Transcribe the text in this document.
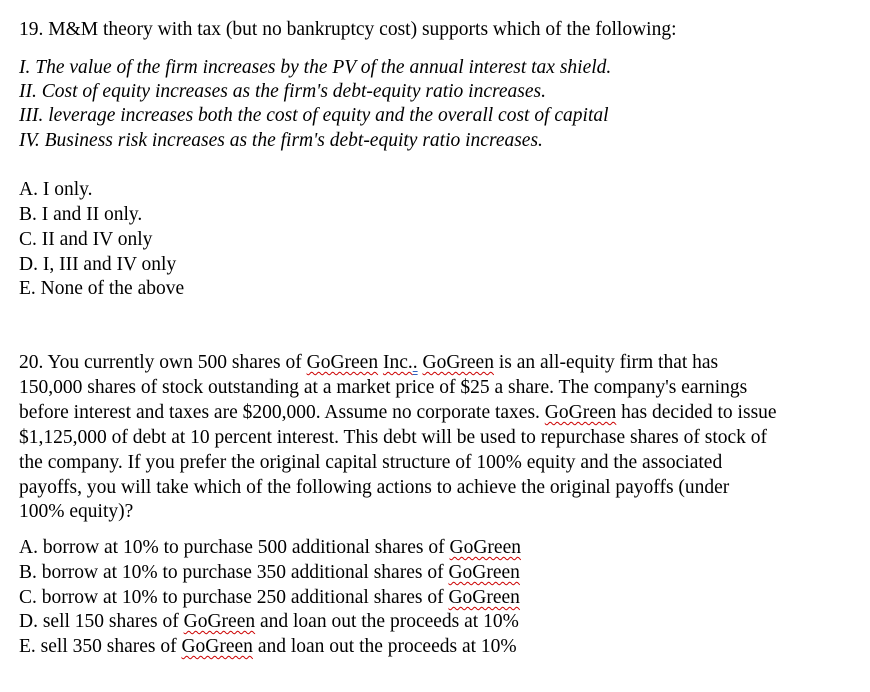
19. M&M theory with tax (but no bankruptcy cost) supports which of the following:
I. The value of the firm increases by the PV of the annual interest tax shield.
II. Cost of equity increases as the firm's debt-equity ratio increases.
III. leverage increases both the cost of equity and the overall cost of capital
IV. Business risk increases as the firm's debt-equity ratio increases.
A. I only.
B. I and II only.
C. II and IV only
D. I, III and IV only
E. None of the above
20. You currently own 500 shares of GoGreen Inc.. GoGreen is an all-equity firm that has
150,000 shares of stock outstanding at a market price of $25 a share. The company's earnings
before interest and taxes are $200,000. Assume no corporate taxes. GoGreen has decided to issue
$1,125,000 of debt at 10 percent interest. This debt will be used to repurchase shares of stock of
the company. If you prefer the original capital structure of 100% equity and the associated
payoffs, you will take which of the following actions to achieve the original payoffs (under
100% equity)?
A. borrow at 10% to purchase 500 additional shares of GoGreen
B. borrow at 10% to purchase 350 additional shares of GoGreen
C. borrow at 10% to purchase 250 additional shares of GoGreen
D. sell 150 shares of GoGreen and loan out the proceeds at 10%
E. sell 350 shares of GoGreen and loan out the proceeds at 10%
